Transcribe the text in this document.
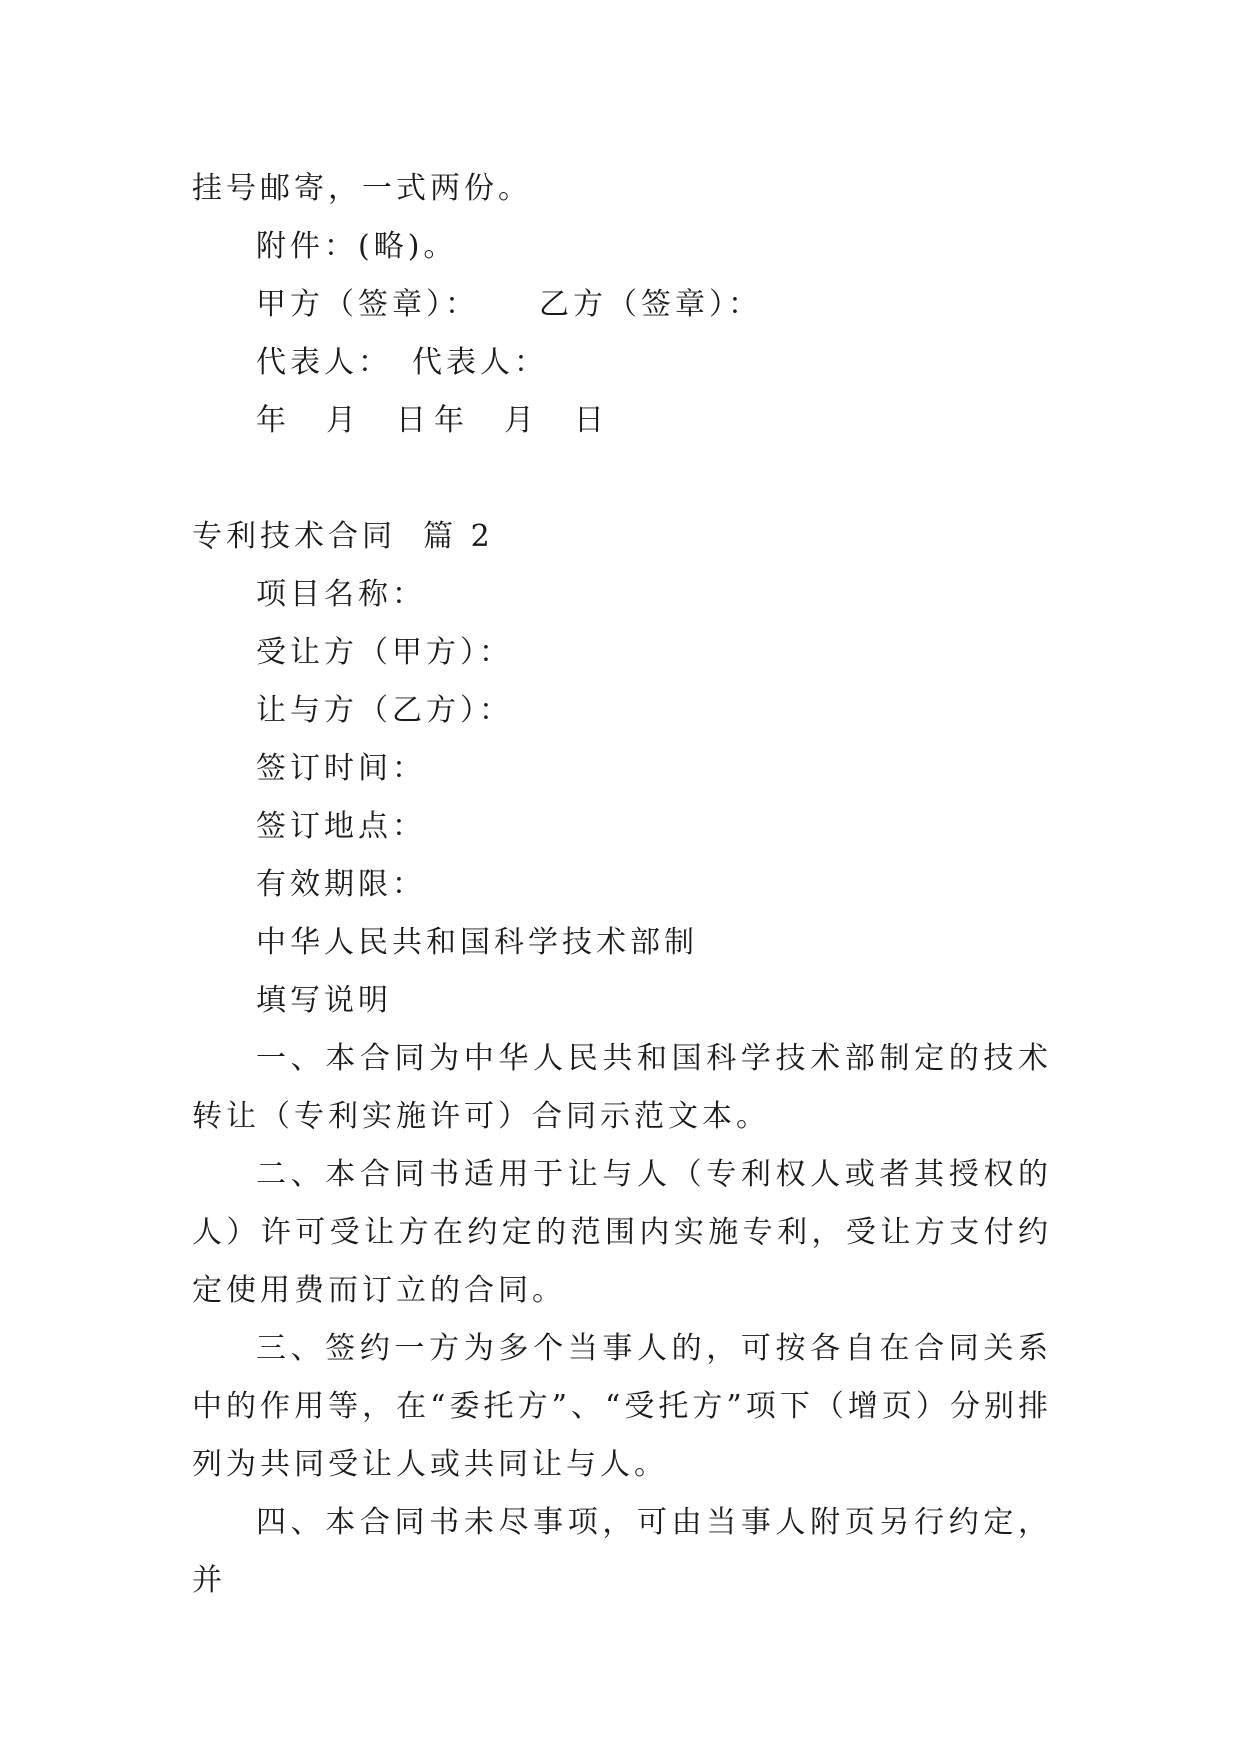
挂号邮寄，一式两份。
附件：(略)。
甲方（签章）： 乙方（签章）：
代表人： 代表人：
年 月 日 年 月 日
专利技术合同  篇 2
项目名称：
受让方（甲方）：
让与方（乙方）：
签订时间：
签订地点：
有效期限：
中华人民共和国科学技术部制
填写说明

一、本合同为中华人民共和国科学技术部制定的技术转让（专利实施许可）合同示范文本。

二、本合同书适用于让与人（专利权人或者其授权的人）许可受让方在约定的范围内实施专利，受让方支付约定使用费而订立的合同。

三、签约一方为多个当事人的，可按各自在合同关系中的作用等，在“委托方”、“受托方”项下（增页）分别排列为共同受让人或共同让与人。

四、本合同书未尽事项，可由当事人附页另行约定，并
